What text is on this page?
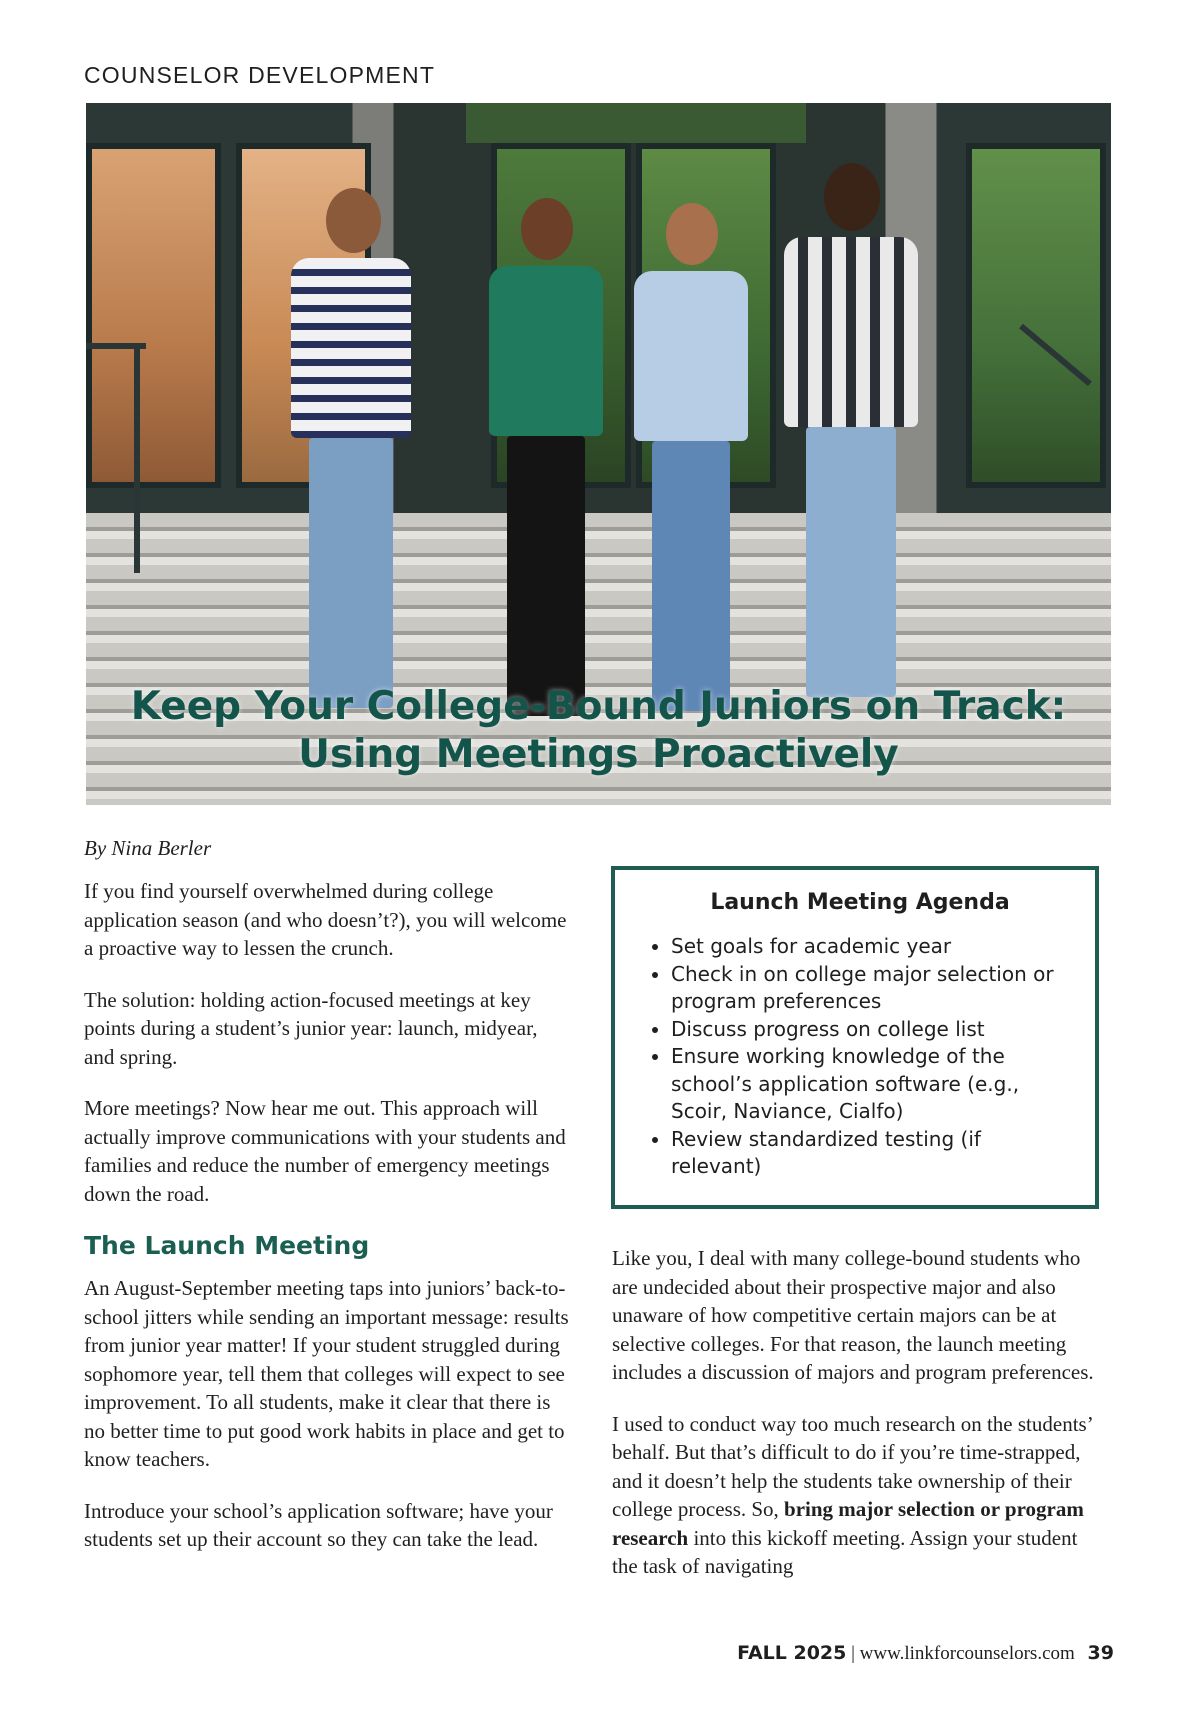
COUNSELOR DEVELOPMENT
Keep Your College-Bound Juniors on Track:
Using Meetings Proactively
By Nina Berler

If you find yourself overwhelmed during college application season (and who doesn’t?), you will welcome a proactive way to lessen the crunch.

The solution: holding action-focused meetings at key points during a student’s junior year: launch, midyear, and spring.

More meetings? Now hear me out. This approach will actually improve communications with your students and families and reduce the number of emergency meetings down the road.

The Launch Meeting

An August-September meeting taps into juniors’ back-to-school jitters while sending an important message: results from junior year matter! If your student struggled during sophomore year, tell them that colleges will expect to see improvement. To all students, make it clear that there is no better time to put good work habits in place and get to know teachers.

Introduce your school’s application software; have your students set up their account so they can take the lead.

Launch Meeting Agenda
• Set goals for academic year
• Check in on college major selection or program preferences
• Discuss progress on college list
• Ensure working knowledge of the school’s application software (e.g., Scoir, Naviance, Cialfo)
• Review standardized testing (if relevant)

Like you, I deal with many college-bound students who are undecided about their prospective major and also unaware of how competitive certain majors can be at selective colleges. For that reason, the launch meeting includes a discussion of majors and program preferences.

I used to conduct way too much research on the students’ behalf. But that’s difficult to do if you’re time-strapped, and it doesn’t help the students take ownership of their college process. So, bring major selection or program research into this kickoff meeting. Assign your student the task of navigating

FALL 2025 | www.linkforcounselors.com 39
